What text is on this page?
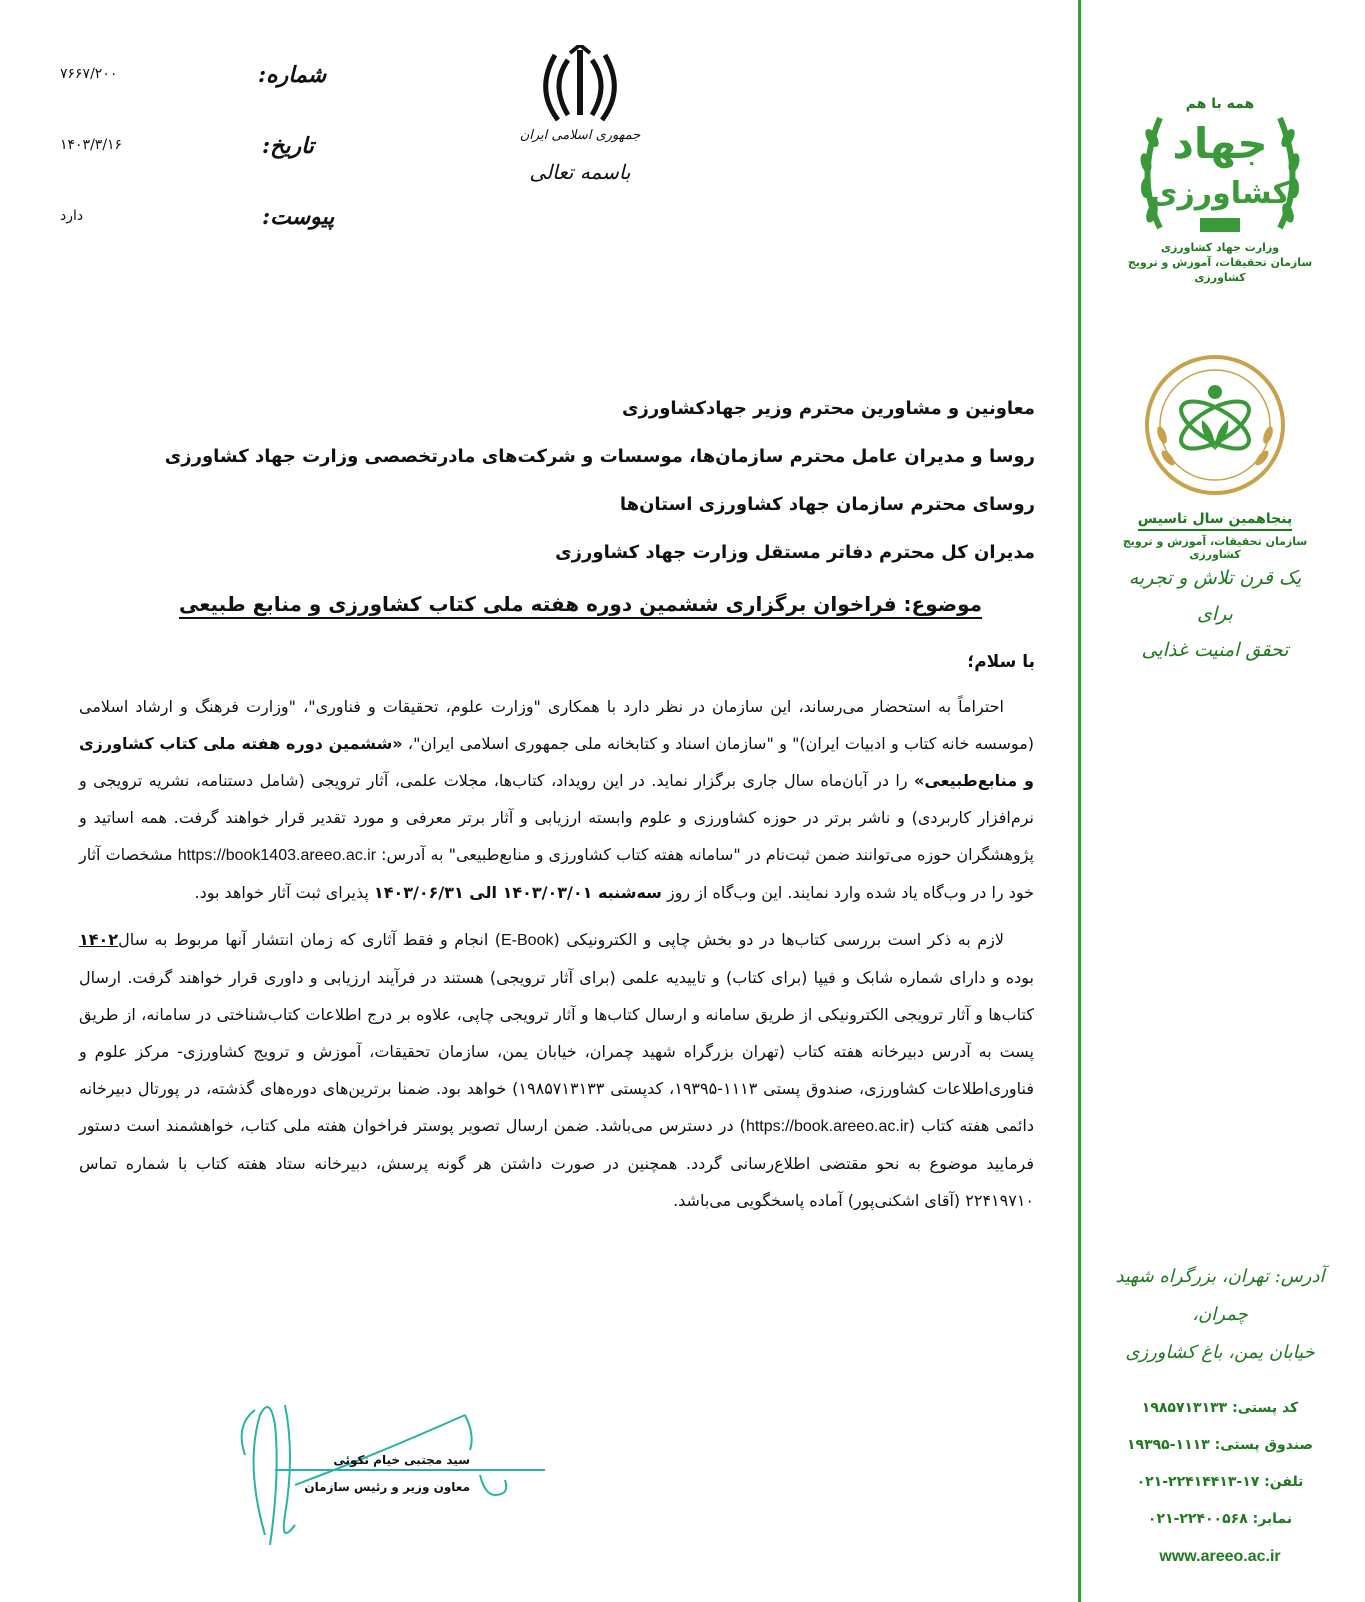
همه با هم
جهاد
کشاورزی
وزارت جهاد کشاورزی
سازمان تحقیقات، آموزش و ترویج کشاورزی
پنجاهمین سال تاسیس
سازمان تحقیقات، آموزش و ترویج کشاورزی
یک قرن تلاش و تجربه برای
تحقق امنیت غذایی
آدرس: تهران، بزرگراه شهید چمران،
خیابان یمن، باغ کشاورزی
کد پستی: ۱۹۸۵۷۱۳۱۳۳
صندوق پستی: ۱۱۱۳-۱۹۳۹۵
تلفن: ۱۷-۲۲۴۱۴۴۱۳-۰۲۱
نمابر: ۲۲۴۰۰۵۶۸-۰۲۱
www.areeo.ac.ir
جمهوری اسلامی ایران
باسمه تعالی
شماره:
۷۶۶۷/۲۰۰
تاریخ:
۱۴۰۳/۳/۱۶
پیوست:
دارد
معاونین و مشاورین محترم وزیر جهادکشاورزی
روسا و مدیران عامل محترم سازمان‌ها، موسسات و شرکت‌های مادرتخصصی وزارت جهاد کشاورزی
روسای محترم سازمان جهاد کشاورزی استان‌ها
مدیران کل محترم دفاتر مستقل وزارت جهاد کشاورزی
موضوع: فراخوان برگزاری ششمین دوره هفته ملی کتاب کشاورزی و منابع طبیعی
با سلام؛

احتراماً به استحضار می‌رساند، این سازمان در نظر دارد با همکاری "وزارت علوم، تحقیقات و فناوری"، "وزارت فرهنگ و ارشاد اسلامی (موسسه خانه کتاب و ادبیات ایران)" و "سازمان اسناد و کتابخانه ملی جمهوری اسلامی ایران"، «ششمین دوره هفته ملی کتاب کشاورزی و منابع‌طبیعی» را در آبان‌ماه سال جاری برگزار نماید. در این رویداد، کتاب‌ها، مجلات علمی، آثار ترویجی (شامل دستنامه، نشریه ترویجی و نرم‌افزار کاربردی) و ناشر برتر در حوزه کشاورزی و علوم وابسته ارزیابی و آثار برتر معرفی و مورد تقدیر قرار خواهند گرفت. همه اساتید و پژوهشگران حوزه می‌توانند ضمن ثبت‌نام در "سامانه هفته کتاب کشاورزی و منابع‌طبیعی" به آدرس: https://book1403.areeo.ac.ir مشخصات آثار خود را در وب‌گاه یاد شده وارد نمایند. این وب‌گاه از روز سه‌شنبه ۱۴۰۳/۰۳/۰۱ الی ۱۴۰۳/۰۶/۳۱ پذیرای ثبت آثار خواهد بود.

لازم به ذکر است بررسی کتاب‌ها در دو بخش چاپی و الکترونیکی (E-Book) انجام و فقط آثاری که زمان انتشار آنها مربوط به سال۱۴۰۲ بوده و دارای شماره شابک و فیپا (برای کتاب) و تاییدیه علمی (برای آثار ترویجی) هستند در فرآیند ارزیابی و داوری قرار خواهند گرفت. ارسال کتاب‌ها و آثار ترویجی الکترونیکی از طریق سامانه و ارسال کتاب‌ها و آثار ترویجی چاپی، علاوه بر درج اطلاعات کتاب‌شناختی در سامانه، از طریق پست به آدرس دبیرخانه هفته کتاب (تهران بزرگراه شهید چمران، خیابان یمن، سازمان تحقیقات، آموزش و ترویج کشاورزی- مرکز علوم و فناوری‌اطلاعات کشاورزی، صندوق پستی ۱۱۱۳-۱۹۳۹۵، کدپستی ۱۹۸۵۷۱۳۱۳۳) خواهد بود. ضمنا برترین‌های دوره‌های گذشته، در پورتال دبیرخانه دائمی هفته کتاب (https://book.areeo.ac.ir) در دسترس می‌باشد. ضمن ارسال تصویر پوستر فراخوان هفته ملی کتاب، خواهشمند است دستور فرمایید موضوع به نحو مقتضی اطلاع‌رسانی گردد. همچنین در صورت داشتن هر گونه پرسش، دبیرخانه ستاد هفته کتاب با شماره تماس ۲۲۴۱۹۷۱۰ (آقای اشکنی‌پور) آماده پاسخگویی می‌باشد.

سید مجتبی خیام نکوئی
معاون وزیر و رئیس سازمان
